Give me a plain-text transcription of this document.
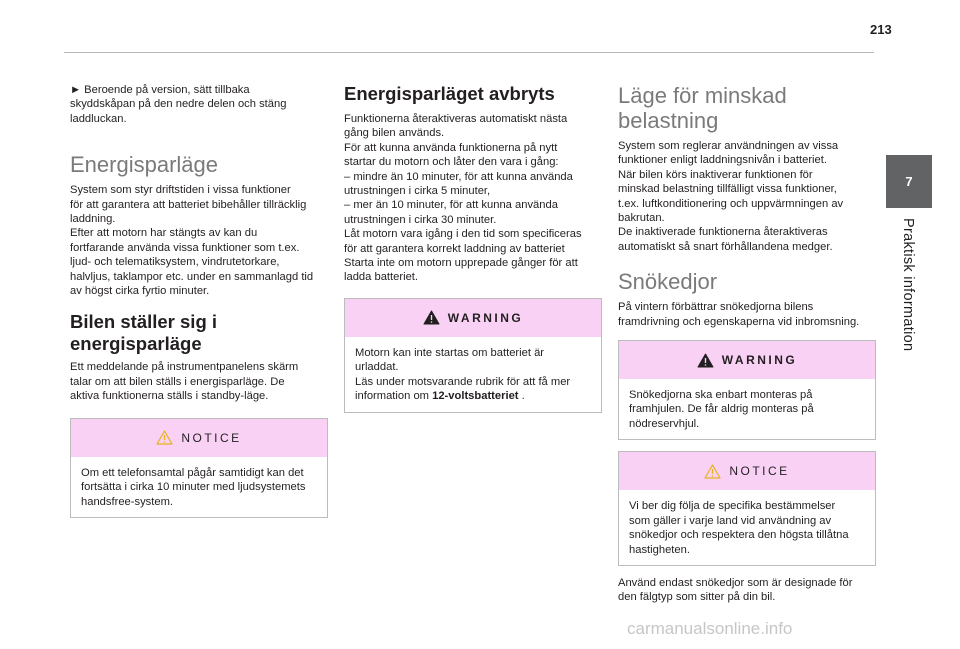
213
7
Praktisk information
► Beroende på version, sätt tillbaka
skyddskåpan på den nedre delen och stäng
laddluckan.
Energisparläge
System som styr driftstiden i vissa funktioner
för att garantera att batteriet bibehåller tillräcklig
laddning.
Efter att motorn har stängts av kan du
fortfarande använda vissa funktioner som t.ex.
ljud- och telematiksystem, vindrutetorkare,
halvljus, taklampor etc. under en sammanlagd tid
av högst cirka fyrtio minuter.
Bilen ställer sig i
energisparläge
Ett meddelande på instrumentpanelens skärm
talar om att bilen ställs i energisparläge. De
aktiva funktionerna ställs i standby-läge.
NOTICE
Om ett telefonsamtal pågår samtidigt kan det
fortsätta i cirka 10 minuter med ljudsystemets
handsfree-system.
Energisparläget avbryts
Funktionerna återaktiveras automatiskt nästa
gång bilen används.
För att kunna använda funktionerna på nytt
startar du motorn och låter den vara i gång:
– mindre än 10 minuter, för att kunna använda
utrustningen i cirka 5 minuter,
– mer än 10 minuter, för att kunna använda
utrustningen i cirka 30 minuter.
Låt motorn vara igång i den tid som specificeras
för att garantera korrekt laddning av batteriet
Starta inte om motorn upprepade gånger för att
ladda batteriet.
WARNING
Motorn kan inte startas om batteriet är
urladdat.
Läs under motsvarande rubrik för att få mer
information om 12-voltsbatteriet .
Läge för minskad
belastning
System som reglerar användningen av vissa
funktioner enligt laddningsnivån i batteriet.
När bilen körs inaktiverar funktionen för
minskad belastning tillfälligt vissa funktioner,
t.ex. luftkonditionering och uppvärmningen av
bakrutan.
De inaktiverade funktionerna återaktiveras
automatiskt så snart förhållandena medger.
Snökedjor
På vintern förbättrar snökedjorna bilens
framdrivning och egenskaperna vid inbromsning.
WARNING
Snökedjorna ska enbart monteras på
framhjulen. De får aldrig monteras på
nödreservhjul.
NOTICE
Vi ber dig följa de specifika bestämmelser
som gäller i varje land vid användning av
snökedjor och respektera den högsta tillåtna
hastigheten.
Använd endast snökedjor som är designade för
den fälgtyp som sitter på din bil.
carmanualsonline.info
